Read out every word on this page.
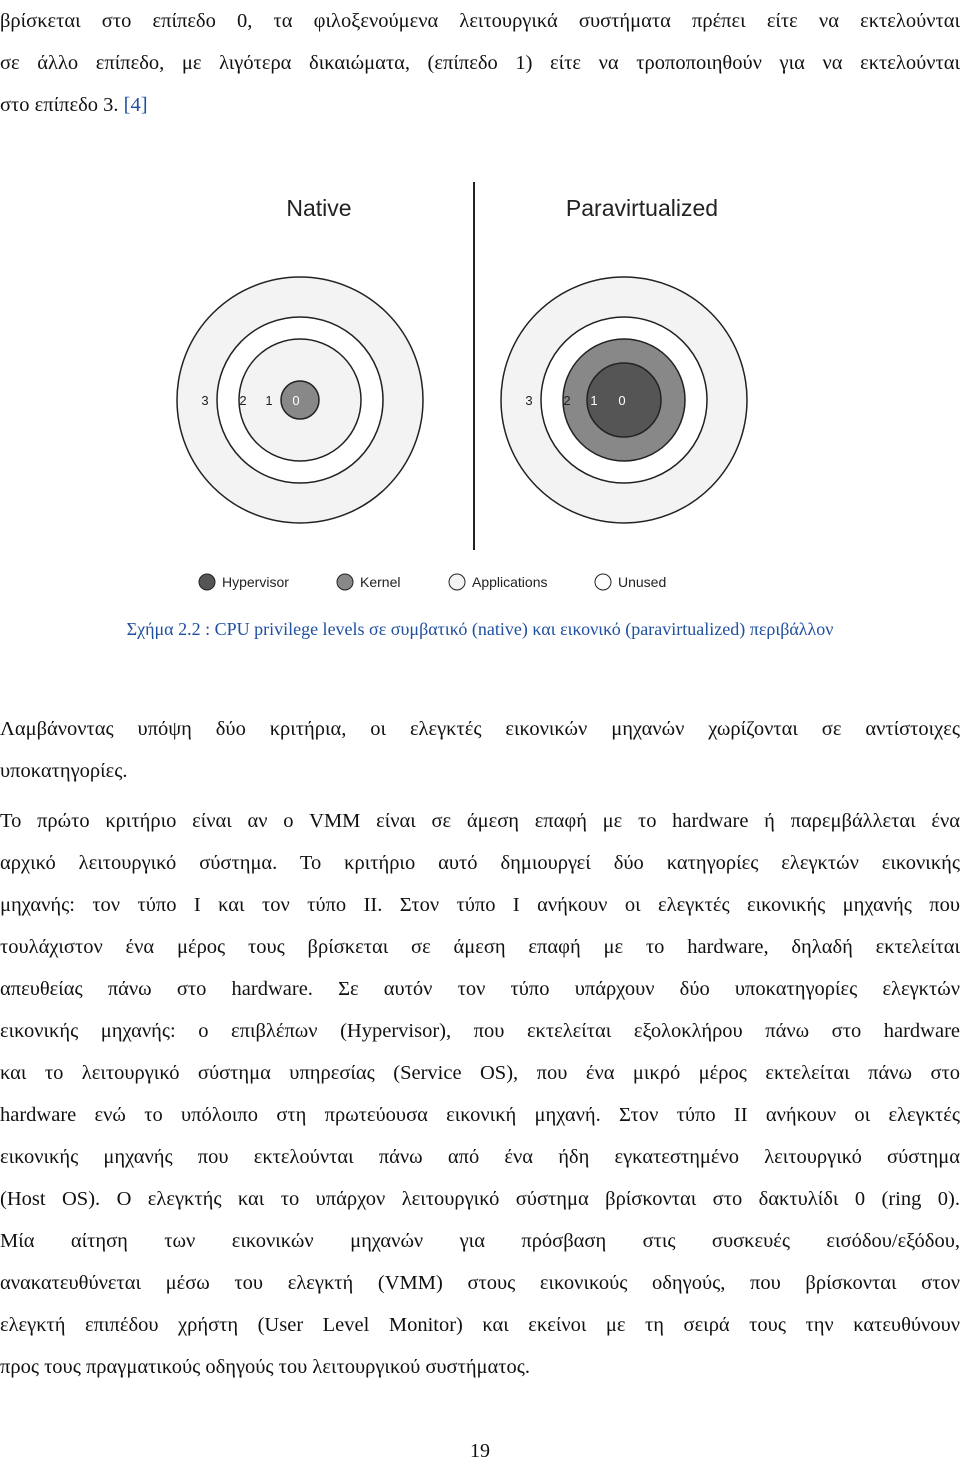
βρίσκεται στο επίπεδο 0, τα φιλοξενούμενα λειτουργικά συστήματα πρέπει είτε να εκτελούνται
σε άλλο επίπεδο, με λιγότερα δικαιώματα, (επίπεδο 1) είτε να τροποποιηθούν για να εκτελούνται
στο επίπεδο 3. [4]
Native
3 2 1 0
Paravirtualized
3 2 1 0
Hypervisor	Kernel	Applications	Unused
Σχήμα 2.2 : CPU privilege levels σε συμβατικό (native) και εικονικό (paravirtualized) περιβάλλον
Λαμβάνοντας υπόψη δύο κριτήρια, οι ελεγκτές εικονικών μηχανών χωρίζονται σε αντίστοιχες
υποκατηγορίες.
Το πρώτο κριτήριο είναι αν ο VMM είναι σε άμεση επαφή με το hardware ή παρεμβάλλεται ένα
αρχικό λειτουργικό σύστημα. Το κριτήριο αυτό δημιουργεί δύο κατηγορίες ελεγκτών εικονικής
μηχανής: τον τύπο Ι και τον τύπο ΙΙ. Στον τύπο Ι ανήκουν οι ελεγκτές εικονικής μηχανής που
τουλάχιστον ένα μέρος τους βρίσκεται σε άμεση επαφή με το hardware, δηλαδή εκτελείται
απευθείας πάνω στο hardware. Σε αυτόν τον τύπο υπάρχουν δύο υποκατηγορίες ελεγκτών
εικονικής μηχανής: ο επιβλέπων (Hypervisor), που εκτελείται εξολοκλήρου πάνω στο hardware
και το λειτουργικό σύστημα υπηρεσίας (Service OS), που ένα μικρό μέρος εκτελείται πάνω στο
hardware ενώ το υπόλοιπο στη πρωτεύουσα εικονική μηχανή. Στον τύπο ΙΙ ανήκουν οι ελεγκτές
εικονικής μηχανής που εκτελούνται πάνω από ένα ήδη εγκατεστημένο λειτουργικό σύστημα
(Host OS). Ο ελεγκτής και το υπάρχον λειτουργικό σύστημα βρίσκονται στο δακτυλίδι 0 (ring 0).
Μία αίτηση των εικονικών μηχανών για πρόσβαση στις συσκευές εισόδου/εξόδου,
ανακατευθύνεται μέσω του ελεγκτή (VMM) στους εικονικούς οδηγούς, που βρίσκονται στον
ελεγκτή επιπέδου χρήστη (User Level Monitor) και εκείνοι με τη σειρά τους την κατευθύνουν
προς τους πραγματικούς οδηγούς του λειτουργικού συστήματος.
19
